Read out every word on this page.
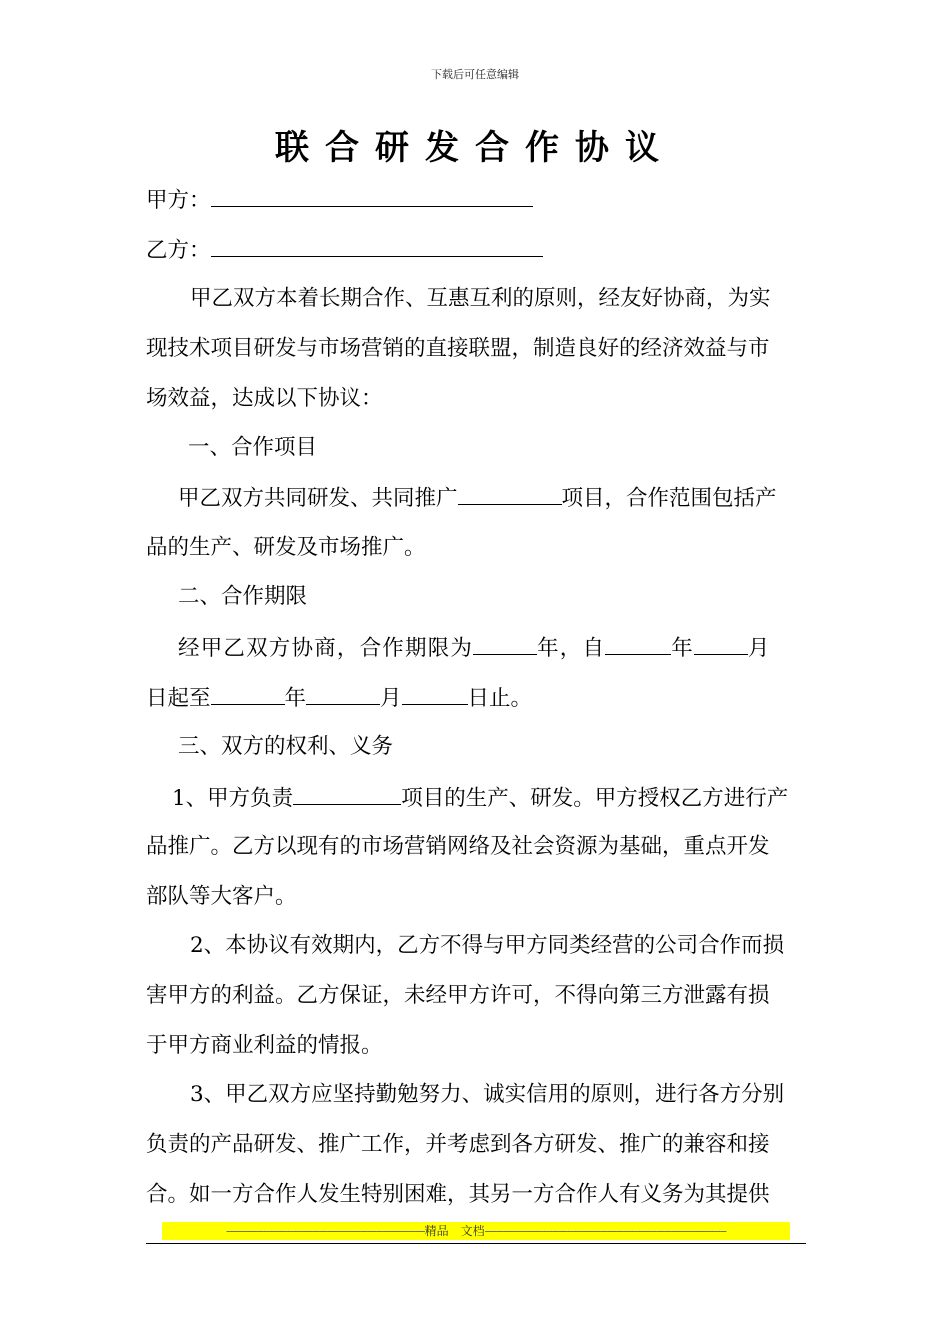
下载后可任意编辑
联合研发合作协议
甲方：
乙方：
甲乙双方本着长期合作、互惠互利的原则，经友好协商，为实
现技术项目研发与市场营销的直接联盟，制造良好的经济效益与市
场效益，达成以下协议：
一、合作项目
甲乙双方共同研发、共同推广	项目，合作范围包括产
品的生产、研发及市场推广。
二、合作期限
经甲乙双方协商，合作期限为	年，自	年	月
日起至	年	月	日止。
三、双方的权利、义务
1、甲方负责	项目的生产、研发。甲方授权乙方进行产
品推广。乙方以现有的市场营销网络及社会资源为基础，重点开发
部队等大客户。
2、本协议有效期内，乙方不得与甲方同类经营的公司合作而损
害甲方的利益。乙方保证，未经甲方许可，不得向第三方泄露有损
于甲方商业利益的情报。
3、甲乙双方应坚持勤勉努力、诚实信用的原则，进行各方分别
负责的产品研发、推广工作，并考虑到各方研发、推广的兼容和接
合。如一方合作人发生特别困难，其另一方合作人有义务为其提供
-----------------------------------------------------------------精品　文档-------------------------------------------------------------------------------
